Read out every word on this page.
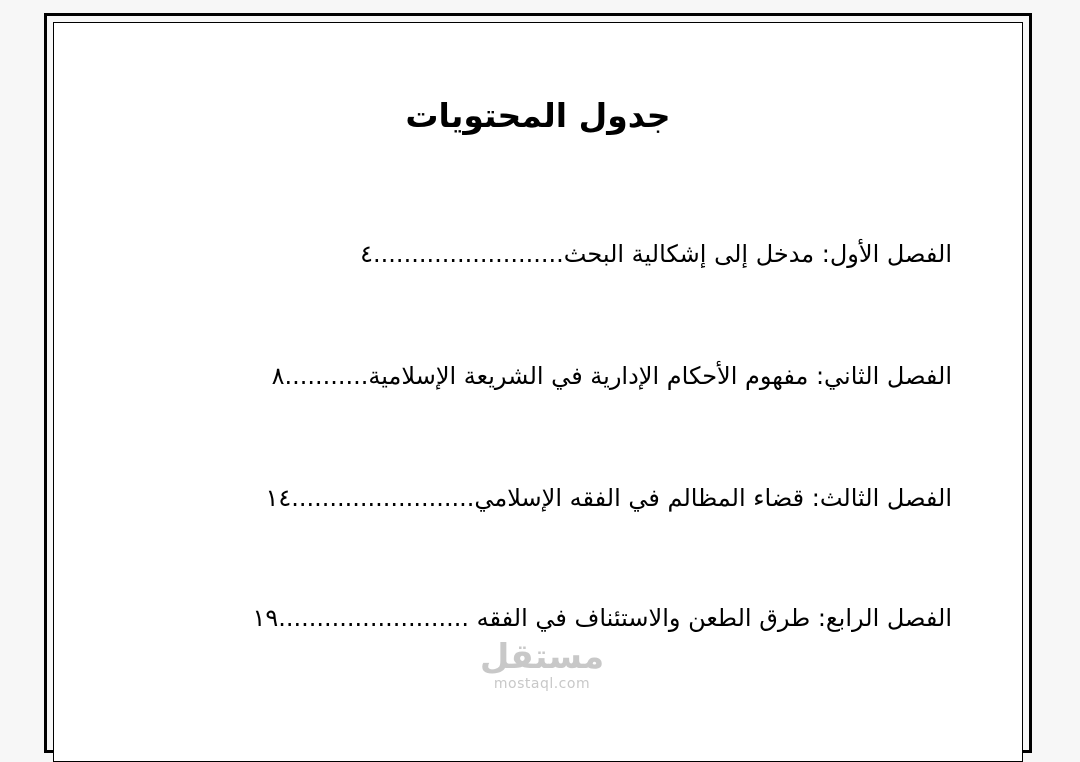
جدول المحتويات
الفصل الأول: مدخل إلى إشكالية البحث.........................٤
الفصل الثاني: مفهوم الأحكام الإدارية في الشريعة الإسلامية...........٨
الفصل الثالث: قضاء المظالم في الفقه الإسلامي........................١٤
الفصل الرابع: طرق الطعن والاستئناف في الفقه .........................١٩
مستقل
mostaql.com
